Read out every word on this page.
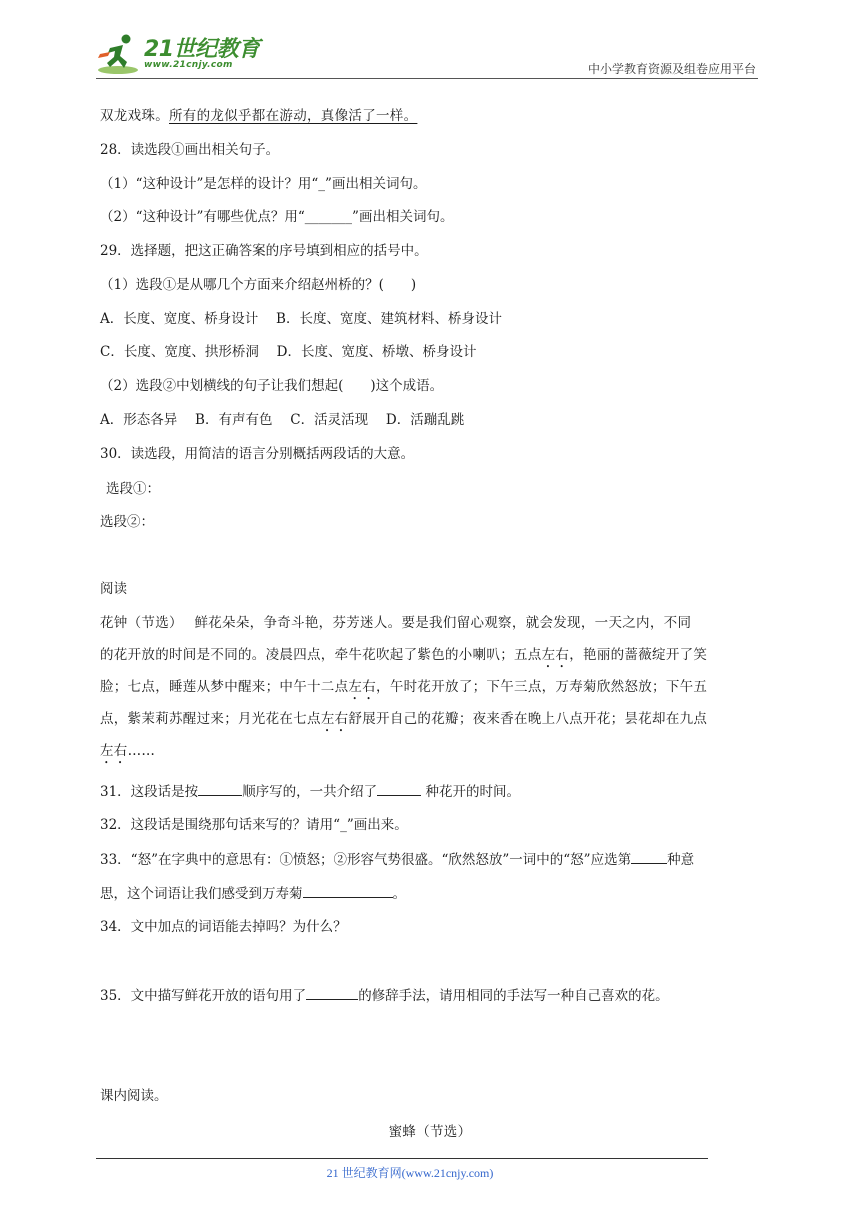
21世纪教育
www.21cnjy.com	中小学教育资源及组卷应用平台
双龙戏珠。所有的龙似乎都在游动，真像活了一样。
28．读选段①画出相关句子。
（1）“这种设计”是怎样的设计？用“_”画出相关词句。
（2）“这种设计”有哪些优点？用“_______”画出相关词句。
29．选择题，把这正确答案的序号填到相应的括号中。
（1）选段①是从哪几个方面来介绍赵州桥的？(　　)
A．长度、宽度、桥身设计　 B．长度、宽度、建筑材料、桥身设计
C．长度、宽度、拱形桥洞　 D．长度、宽度、桥墩、桥身设计
（2）选段②中划横线的句子让我们想起(　　)这个成语。
A．形态各异　 B．有声有色　 C．活灵活现　 D．活蹦乱跳
30．读选段，用简洁的语言分别概括两段话的大意。
选段①：
选段②：
阅读
花钟（节选）　 鲜花朵朵，争奇斗艳，芬芳迷人。要是我们留心观察，就会发现，一天之内，不同
的花开放的时间是不同的。凌晨四点，牵牛花吹起了紫色的小喇叭；五点左右，艳丽的蔷薇绽开了笑
脸；七点，睡莲从梦中醒来；中午十二点左右，午时花开放了；下午三点，万寿菊欣然怒放；下午五
点，紫茉莉苏醒过来；月光花在七点左右舒展开自己的花瓣；夜来香在晚上八点开花；昙花却在九点
左右……
31．这段话是按	顺序写的，一共介绍了	种花开的时间。
32．这段话是围绕那句话来写的？请用“_”画出来。
33．“怒”在字典中的意思有：①愤怒；②形容气势很盛。“欣然怒放”一词中的“怒”应选第	种意
思，这个词语让我们感受到万寿菊	。
34．文中加点的词语能去掉吗？为什么？
35．文中描写鲜花开放的语句用了	的修辞手法，请用相同的手法写一种自己喜欢的花。
课内阅读。
蜜蜂（节选）
21 世纪教育网(www.21cnjy.com)
